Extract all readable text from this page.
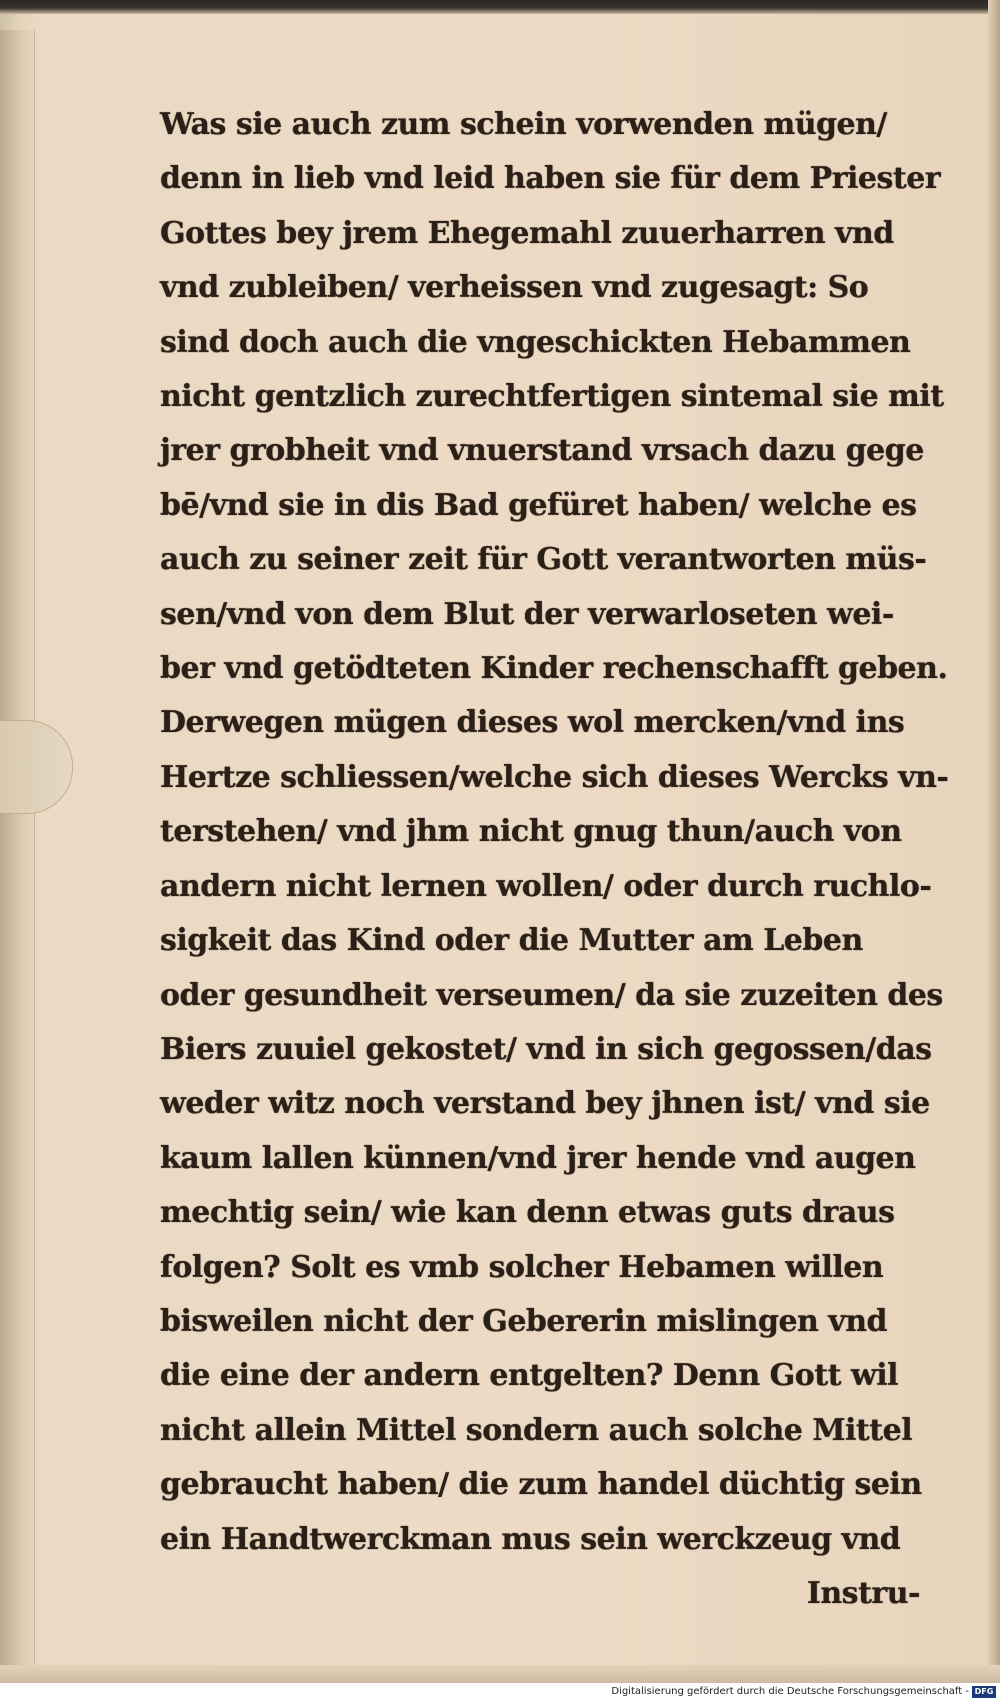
Was sie auch zum schein vorwenden mügen/
denn in lieb vnd leid haben sie für dem Priester
Gottes bey jrem Ehegemahl zuuerharren vnd
vnd zubleiben/ verheissen vnd zugesagt: So
sind doch auch die vngeschickten Hebammen
nicht gentzlich zurechtfertigen sintemal sie mit
jrer grobheit vnd vnuerstand vrsach dazu gege
bē/vnd sie in dis Bad gefüret haben/ welche es
auch zu seiner zeit für Gott verantworten müs-
sen/vnd von dem Blut der verwarloseten wei-
ber vnd getödteten Kinder rechenschafft geben.
Derwegen mügen dieses wol mercken/vnd ins
Hertze schliessen/welche sich dieses Wercks vn-
terstehen/ vnd jhm nicht gnug thun/auch von
andern nicht lernen wollen/ oder durch ruchlo-
sigkeit das Kind oder die Mutter am Leben
oder gesundheit verseumen/ da sie zuzeiten des
Biers zuuiel gekostet/ vnd in sich gegossen/das
weder witz noch verstand bey jhnen ist/ vnd sie
kaum lallen künnen/vnd jrer hende vnd augen
mechtig sein/ wie kan denn etwas guts draus
folgen? Solt es vmb solcher Hebamen willen
bisweilen nicht der Gebererin mislingen vnd
die eine der andern entgelten? Denn Gott wil
nicht allein Mittel sondern auch solche Mittel
gebraucht haben/ die zum handel düchtig sein
ein Handtwerckman mus sein werckzeug vnd
Instru-
Digitalisierung gefördert durch die Deutsche Forschungsgemeinschaft - DFG
